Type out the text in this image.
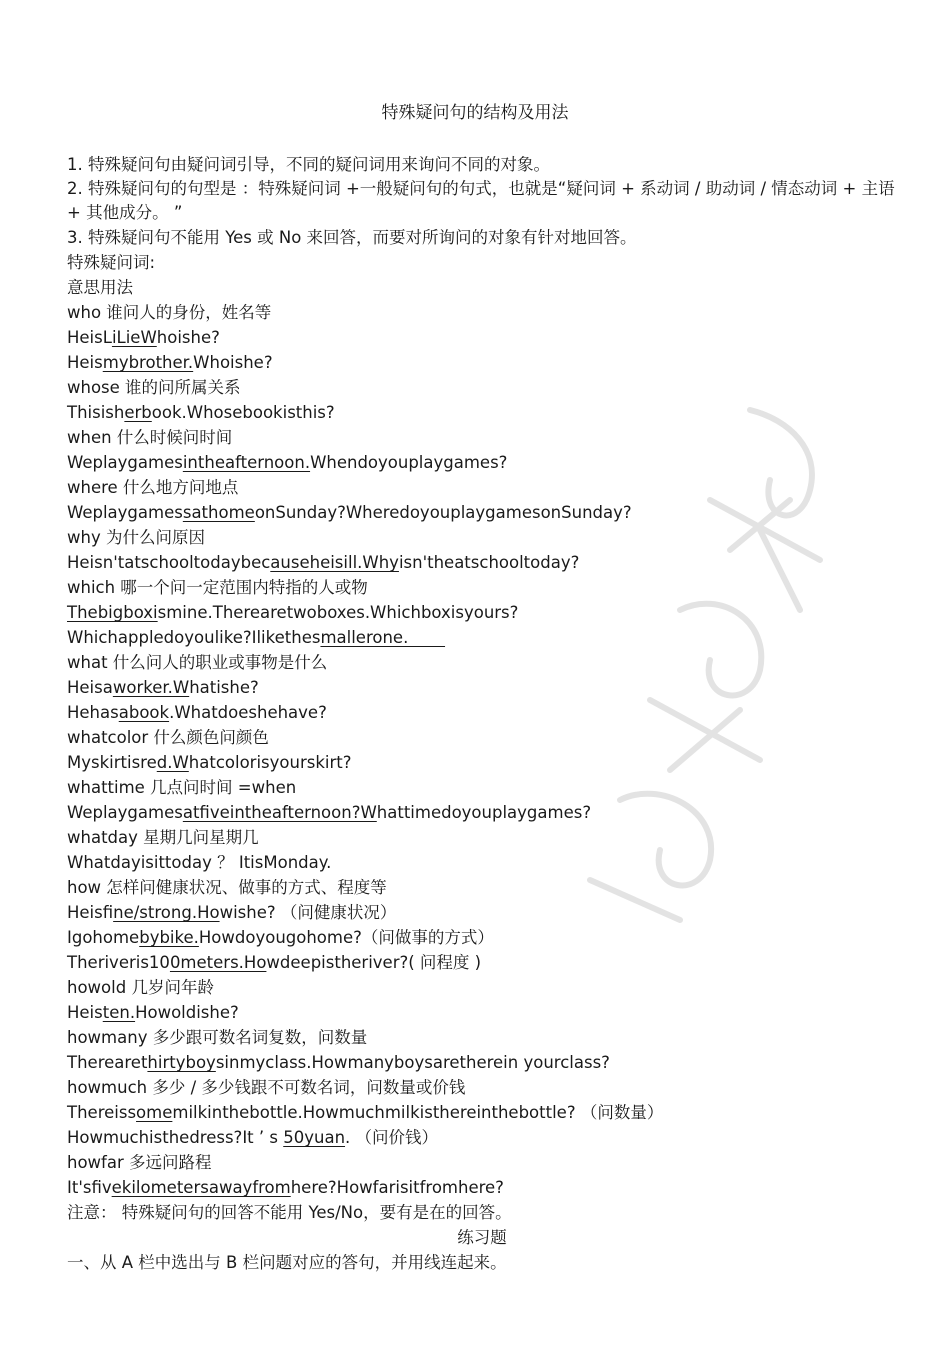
特殊疑问句的结构及用法
1. 特殊疑问句由疑问词引导，不同的疑问词用来询问不同的对象。
2. 特殊疑问句的句型是 ：特殊疑问词 +一般疑问句的句式，也就是“疑问词 + 系动词 / 助动词 / 情态动词 + 主语 + 其他成分。 ”
3. 特殊疑问句不能用 Yes 或 No 来回答，而要对所询问的对象有针对地回答。
特殊疑问词:
意思用法
who 谁问人的身份，姓名等
HeisLiLieWhoishe?
Heismybrother.Whoishe?
whose 谁的问所属关系
Thisisherbook.Whosebookisthis?
when 什么时候问时间
Weplaygamesintheafternoon.Whendoyouplaygames?
where 什么地方问地点
WeplaygamessathomeonSunday?WheredoyouplaygamesonSunday?
why 为什么问原因
Heisn'tatschooltodaybecauseheisill.Whyisn'theatschooltoday?
which 哪一个问一定范围内特指的人或物
Thebigboxismine.Therearetwoboxes.Whichboxisyours?
Whichappledoyoulike?Ilikethesmallerone.
what 什么问人的职业或事物是什么
Heisaworker.Whatishe?
Hehasabook.Whatdoeshehave?
whatcolor 什么颜色问颜色
Myskirtisred.Whatcolorisyourskirt?
whattime 几点问时间 =when
Weplaygamesatfiveintheafternoon?Whattimedoyouplaygames?
whatday 星期几问星期几
Whatdayisittoday ？ ItisMonday.
how 怎样问健康状况、做事的方式、程度等
Heisfine/strong.Howishe? （问健康状况）
Igohomebybike.Howdoyougohome?（问做事的方式）
Theriveris100meters.Howdeepistheriver?( 问程度 )
howold 几岁问年龄
Heisten.Howoldishe?
howmany 多少跟可数名词复数，问数量
Therearethirtyboysinmyclass.Howmanyboysaretherein yourclass?
howmuch 多少 / 多少钱跟不可数名词，问数量或价钱
Thereissomemilkinthebottle.Howmuchmilkisthereinthebottle? （问数量）
Howmuchisthedress?It ’ s 50yuan. （问价钱）
howfar 多远问路程
It'sfivekilometersawayfromhere?Howfarisitfromhere?
注意： 特殊疑问句的回答不能用 Yes/No，要有是在的回答。
练习题
一、从 A 栏中选出与 B 栏问题对应的答句，并用线连起来。
